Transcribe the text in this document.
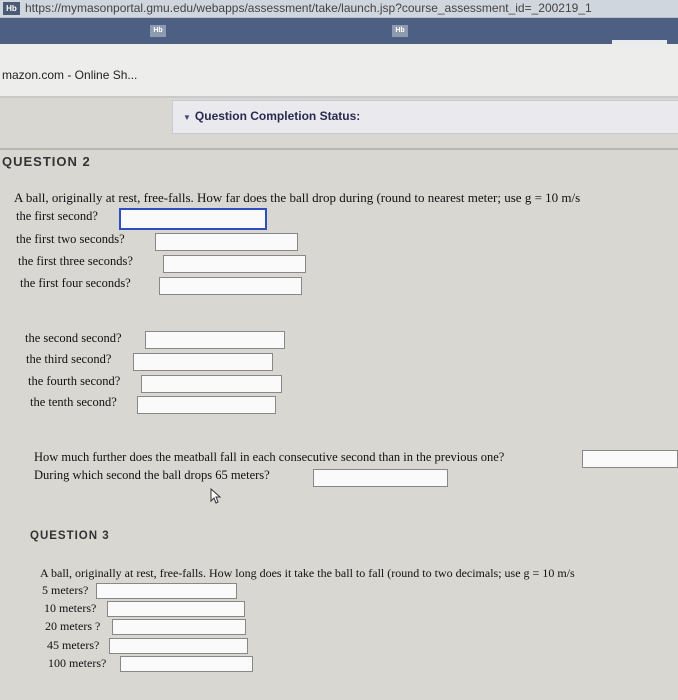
Hb https://mymasonportal.gmu.edu/webapps/assessment/take/launch.jsp?course_assessment_id=_200219_1
Hb	Hb
mazon.com - Online Sh...
▼ Question Completion Status:
QUESTION 2
A ball, originally at rest, free-falls. How far does the ball drop during (round to nearest meter; use g = 10 m/s
the first second?
the first two seconds?
the first three seconds?
the first four seconds?
the second second?
the third second?
the fourth second?
the tenth second?
How much further does the meatball fall in each consecutive second than in the previous one?
During which second the ball drops 65 meters?
QUESTION 3
A ball, originally at rest, free-falls. How long does it take the ball to fall (round to two decimals; use g = 10 m/s
5 meters?
10 meters?
20 meters ?
45 meters?
100 meters?
